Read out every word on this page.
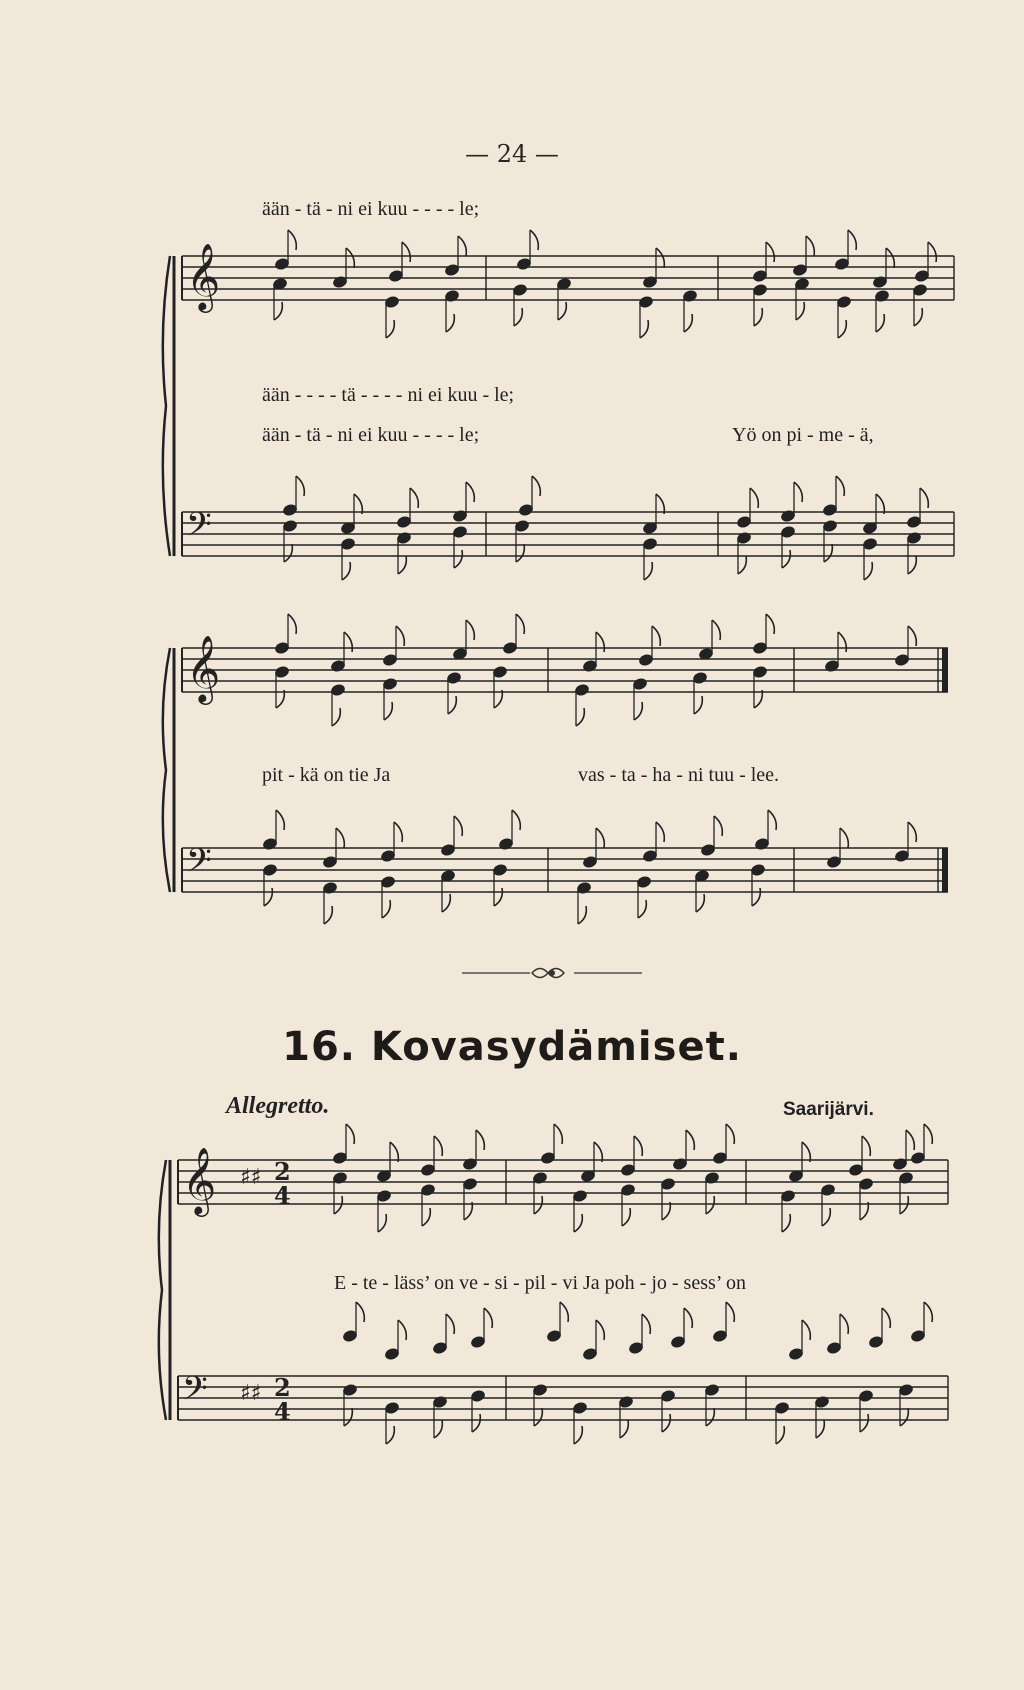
— 24 —
𝄞
𝄢
𝄞
𝄢
𝄞 2
4
♯♯
𝄢	2
4
♯♯
ään - tä - ni ei kuu - - - - le;
ään - - - - tä - - - - ni ei kuu - le;
ään - tä - ni ei kuu - - - - le;	Yö on pi - me - ä,
pit - kä on tie Ja	vas - ta - ha - ni tuu - lee.
E - te - läss’ on ve - si - pil - vi Ja poh - jo - sess’ on
16. Kovasydämiset.
Allegretto.	Saarijärvi.
